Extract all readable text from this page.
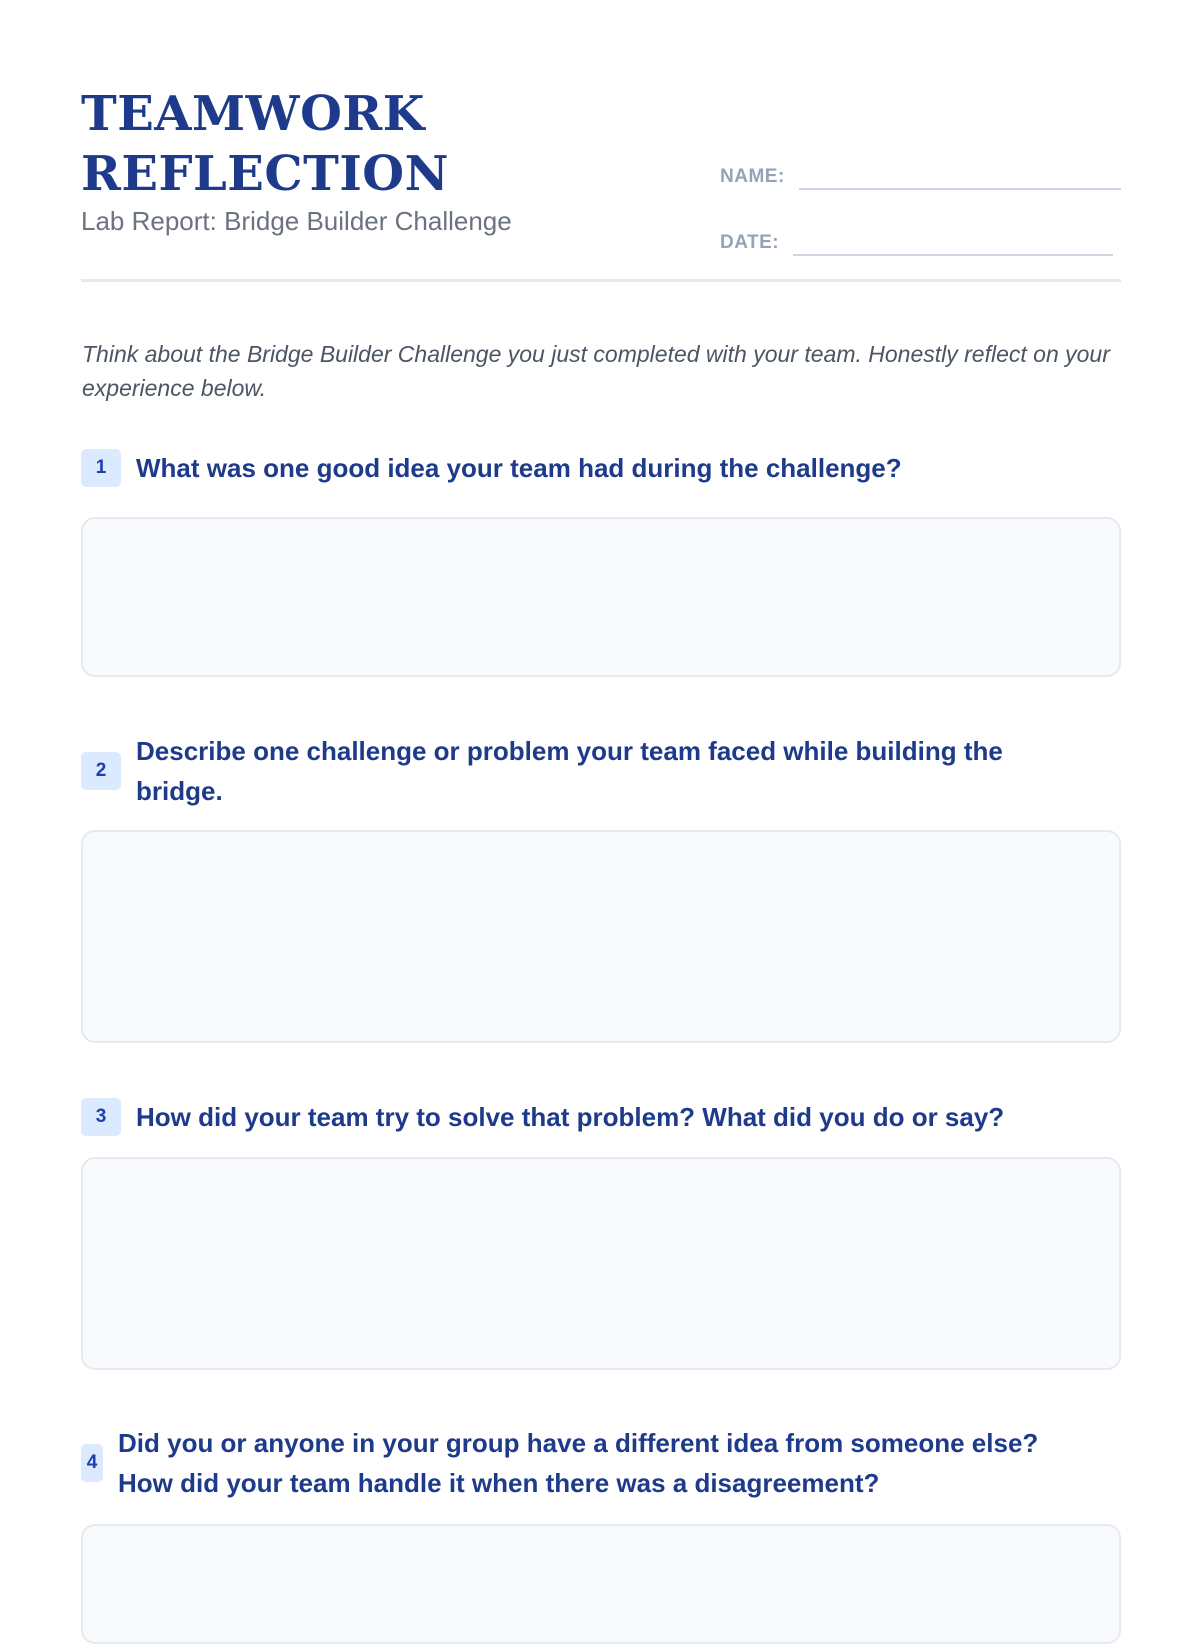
TEAMWORK
REFLECTION
Lab Report: Bridge Builder Challenge
NAME:
DATE:

Think about the Bridge Builder Challenge you just completed with your team. Honestly reflect on your experience below.

1	What was one good idea your team had during the challenge?
2
Describe one challenge or problem your team faced while building the bridge.
3	How did your team try to solve that problem? What did you do or say?
4
Did you or anyone in your group have a different idea from someone else? How did your team handle it when there was a disagreement?
